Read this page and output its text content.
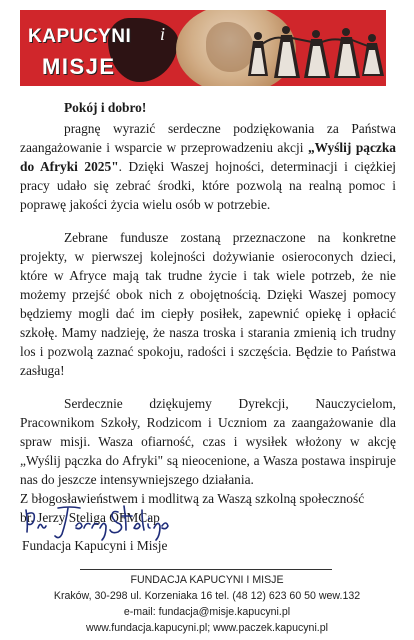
KAPUCYNI i
MISJE

Pokój i dobro!

pragnę wyrazić serdeczne podziękowania za Państwa zaangażowanie i wsparcie w przeprowadzeniu akcji „Wyślij pączka do Afryki 2025". Dzięki Waszej hojności, determinacji i ciężkiej pracy udało się zebrać środki, które pozwolą na realną pomoc i poprawę jakości życia wielu osób w potrzebie.

Zebrane fundusze zostaną przeznaczone na konkretne projekty, w pierwszej kolejności dożywianie osieroconych dzieci, które w Afryce mają tak trudne życie i tak wiele potrzeb, że nie możemy przejść obok nich z obojętnością. Dzięki Waszej pomocy będziemy mogli dać im ciepły posiłek, zapewnić opiekę i opłacić szkołę. Mamy nadzieję, że nasza troska i starania zmienią ich trudny los i pozwolą zaznać spokoju, radości i szczęścia. Będzie to Państwa zasługa!

Serdecznie dziękujemy Dyrekcji, Nauczycielom, Pracownikom Szkoły, Rodzicom i Uczniom za zaangażowanie dla spraw misji. Wasza ofiarność, czas i wysiłek włożony w akcję „Wyślij pączka do Afryki" są nieocenione, a Wasza postawa inspiruje nas do jeszcze intensywniejszego działania.

Z błogosławieństwem i modlitwą za Waszą szkolną społeczność
br. Jerzy Steliga OFMCap

Fundacja Kapucyni i Misje
FUNDACJA KAPUCYNI I MISJE
Kraków, 30-298 ul. Korzeniaka 16 tel. (48 12) 623 60 50 wew.132
e-mail: fundacja@misje.kapucyni.pl
www.fundacja.kapucyni.pl; www.paczek.kapucyni.pl
